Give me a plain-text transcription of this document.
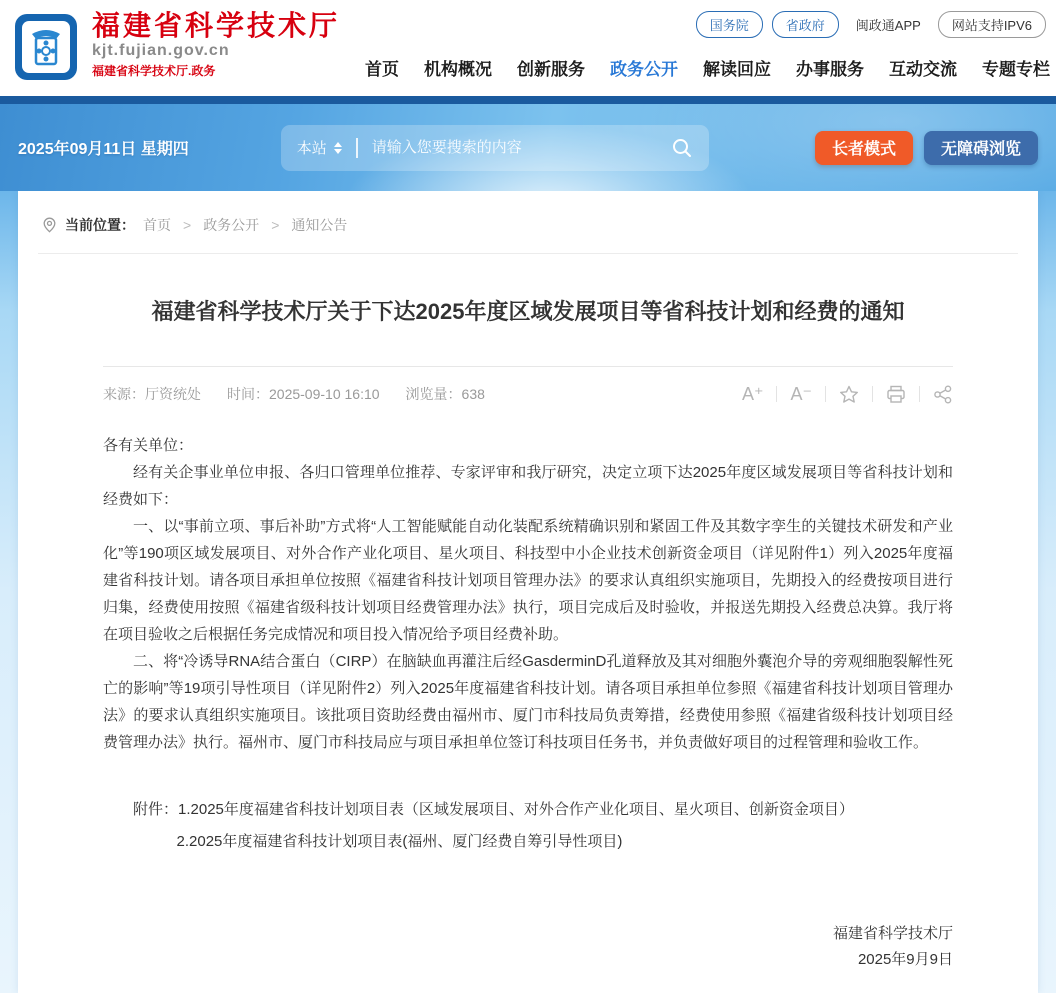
福建省科学技术厅
kjt.fujian.gov.cn
福建省科学技术厅.政务
国务院	省政府	闽政通APP	网站支持IPV6
首页 机构概况 创新服务 政务公开 解读回应 办事服务 互动交流 专题专栏
2025年09月11日 星期四	本站
请输入您要搜索的内容	长者模式	无障碍浏览
当前位置： 首页 > 政务公开 > 通知公告
福建省科学技术厅关于下达2025年度区域发展项目等省科技计划和经费的通知
来源：厅资统处 时间：2025-09-10 16:10 浏览量：638	A⁺ A⁻

各有关单位：

经有关企事业单位申报、各归口管理单位推荐、专家评审和我厅研究，决定立项下达2025年度区域发展项目等省科技计划和经费如下：

一、以“事前立项、事后补助”方式将“人工智能赋能自动化装配系统精确识别和紧固工件及其数字孪生的关键技术研发和产业化”等190项区域发展项目、对外合作产业化项目、星火项目、科技型中小企业技术创新资金项目（详见附件1）列入2025年度福建省科技计划。请各项目承担单位按照《福建省科技计划项目管理办法》的要求认真组织实施项目，先期投入的经费按项目进行归集，经费使用按照《福建省级科技计划项目经费管理办法》执行，项目完成后及时验收，并报送先期投入经费总决算。我厅将在项目验收之后根据任务完成情况和项目投入情况给予项目经费补助。

二、将“冷诱导RNA结合蛋白（CIRP）在脑缺血再灌注后经GasderminD孔道释放及其对细胞外囊泡介导的旁观细胞裂解性死亡的影响”等19项引导性项目（详见附件2）列入2025年度福建省科技计划。请各项目承担单位参照《福建省科技计划项目管理办法》的要求认真组织实施项目。该批项目资助经费由福州市、厦门市科技局负责筹措，经费使用参照《福建省级科技计划项目经费管理办法》执行。福州市、厦门市科技局应与项目承担单位签订科技项目任务书，并负责做好项目的过程管理和验收工作。

附件：1.2025年度福建省科技计划项目表（区域发展项目、对外合作产业化项目、星火项目、创新资金项目）

2.2025年度福建省科技计划项目表(福州、厦门经费自筹引导性项目)

福建省科学技术厅
2025年9月9日
